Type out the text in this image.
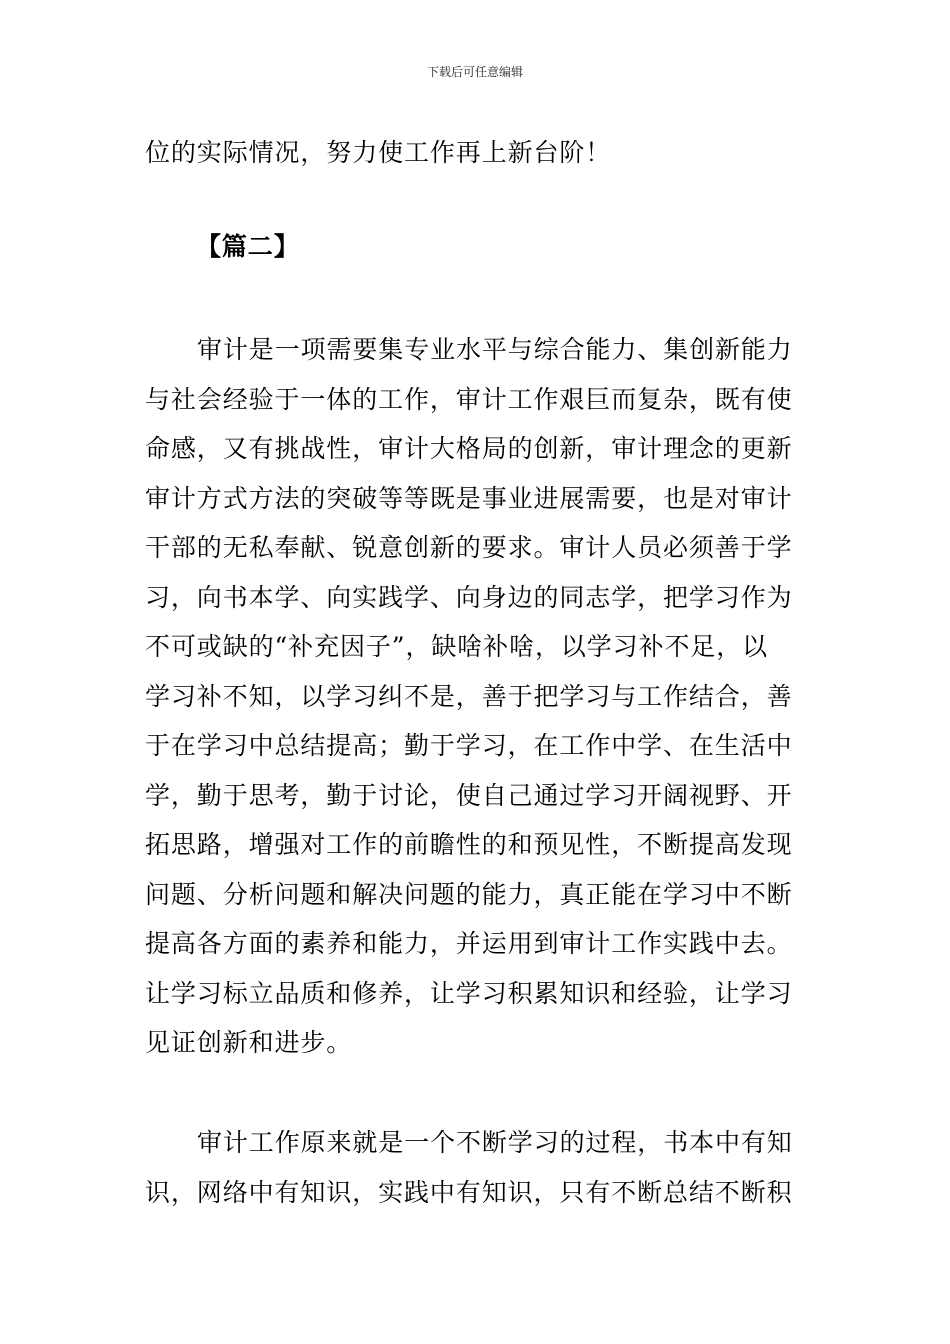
下载后可任意编辑
位的实际情况，努力使工作再上新台阶！
【篇二】
审计是一项需要集专业水平与综合能力、集创新能力
与社会经验于一体的工作，审计工作艰巨而复杂，既有使
命感，又有挑战性，审计大格局的创新，审计理念的更新
审计方式方法的突破等等既是事业进展需要，也是对审计
干部的无私奉献、锐意创新的要求。审计人员必须善于学
习，向书本学、向实践学、向身边的同志学，把学习作为
不可或缺的“补充因子”，缺啥补啥，以学习补不足，以
学习补不知，以学习纠不是，善于把学习与工作结合，善
于在学习中总结提高；勤于学习，在工作中学、在生活中
学，勤于思考，勤于讨论，使自己通过学习开阔视野、开
拓思路，增强对工作的前瞻性的和预见性，不断提高发现
问题、分析问题和解决问题的能力，真正能在学习中不断
提高各方面的素养和能力，并运用到审计工作实践中去。
让学习标立品质和修养，让学习积累知识和经验，让学习
见证创新和进步。
审计工作原来就是一个不断学习的过程，书本中有知
识，网络中有知识，实践中有知识，只有不断总结不断积
